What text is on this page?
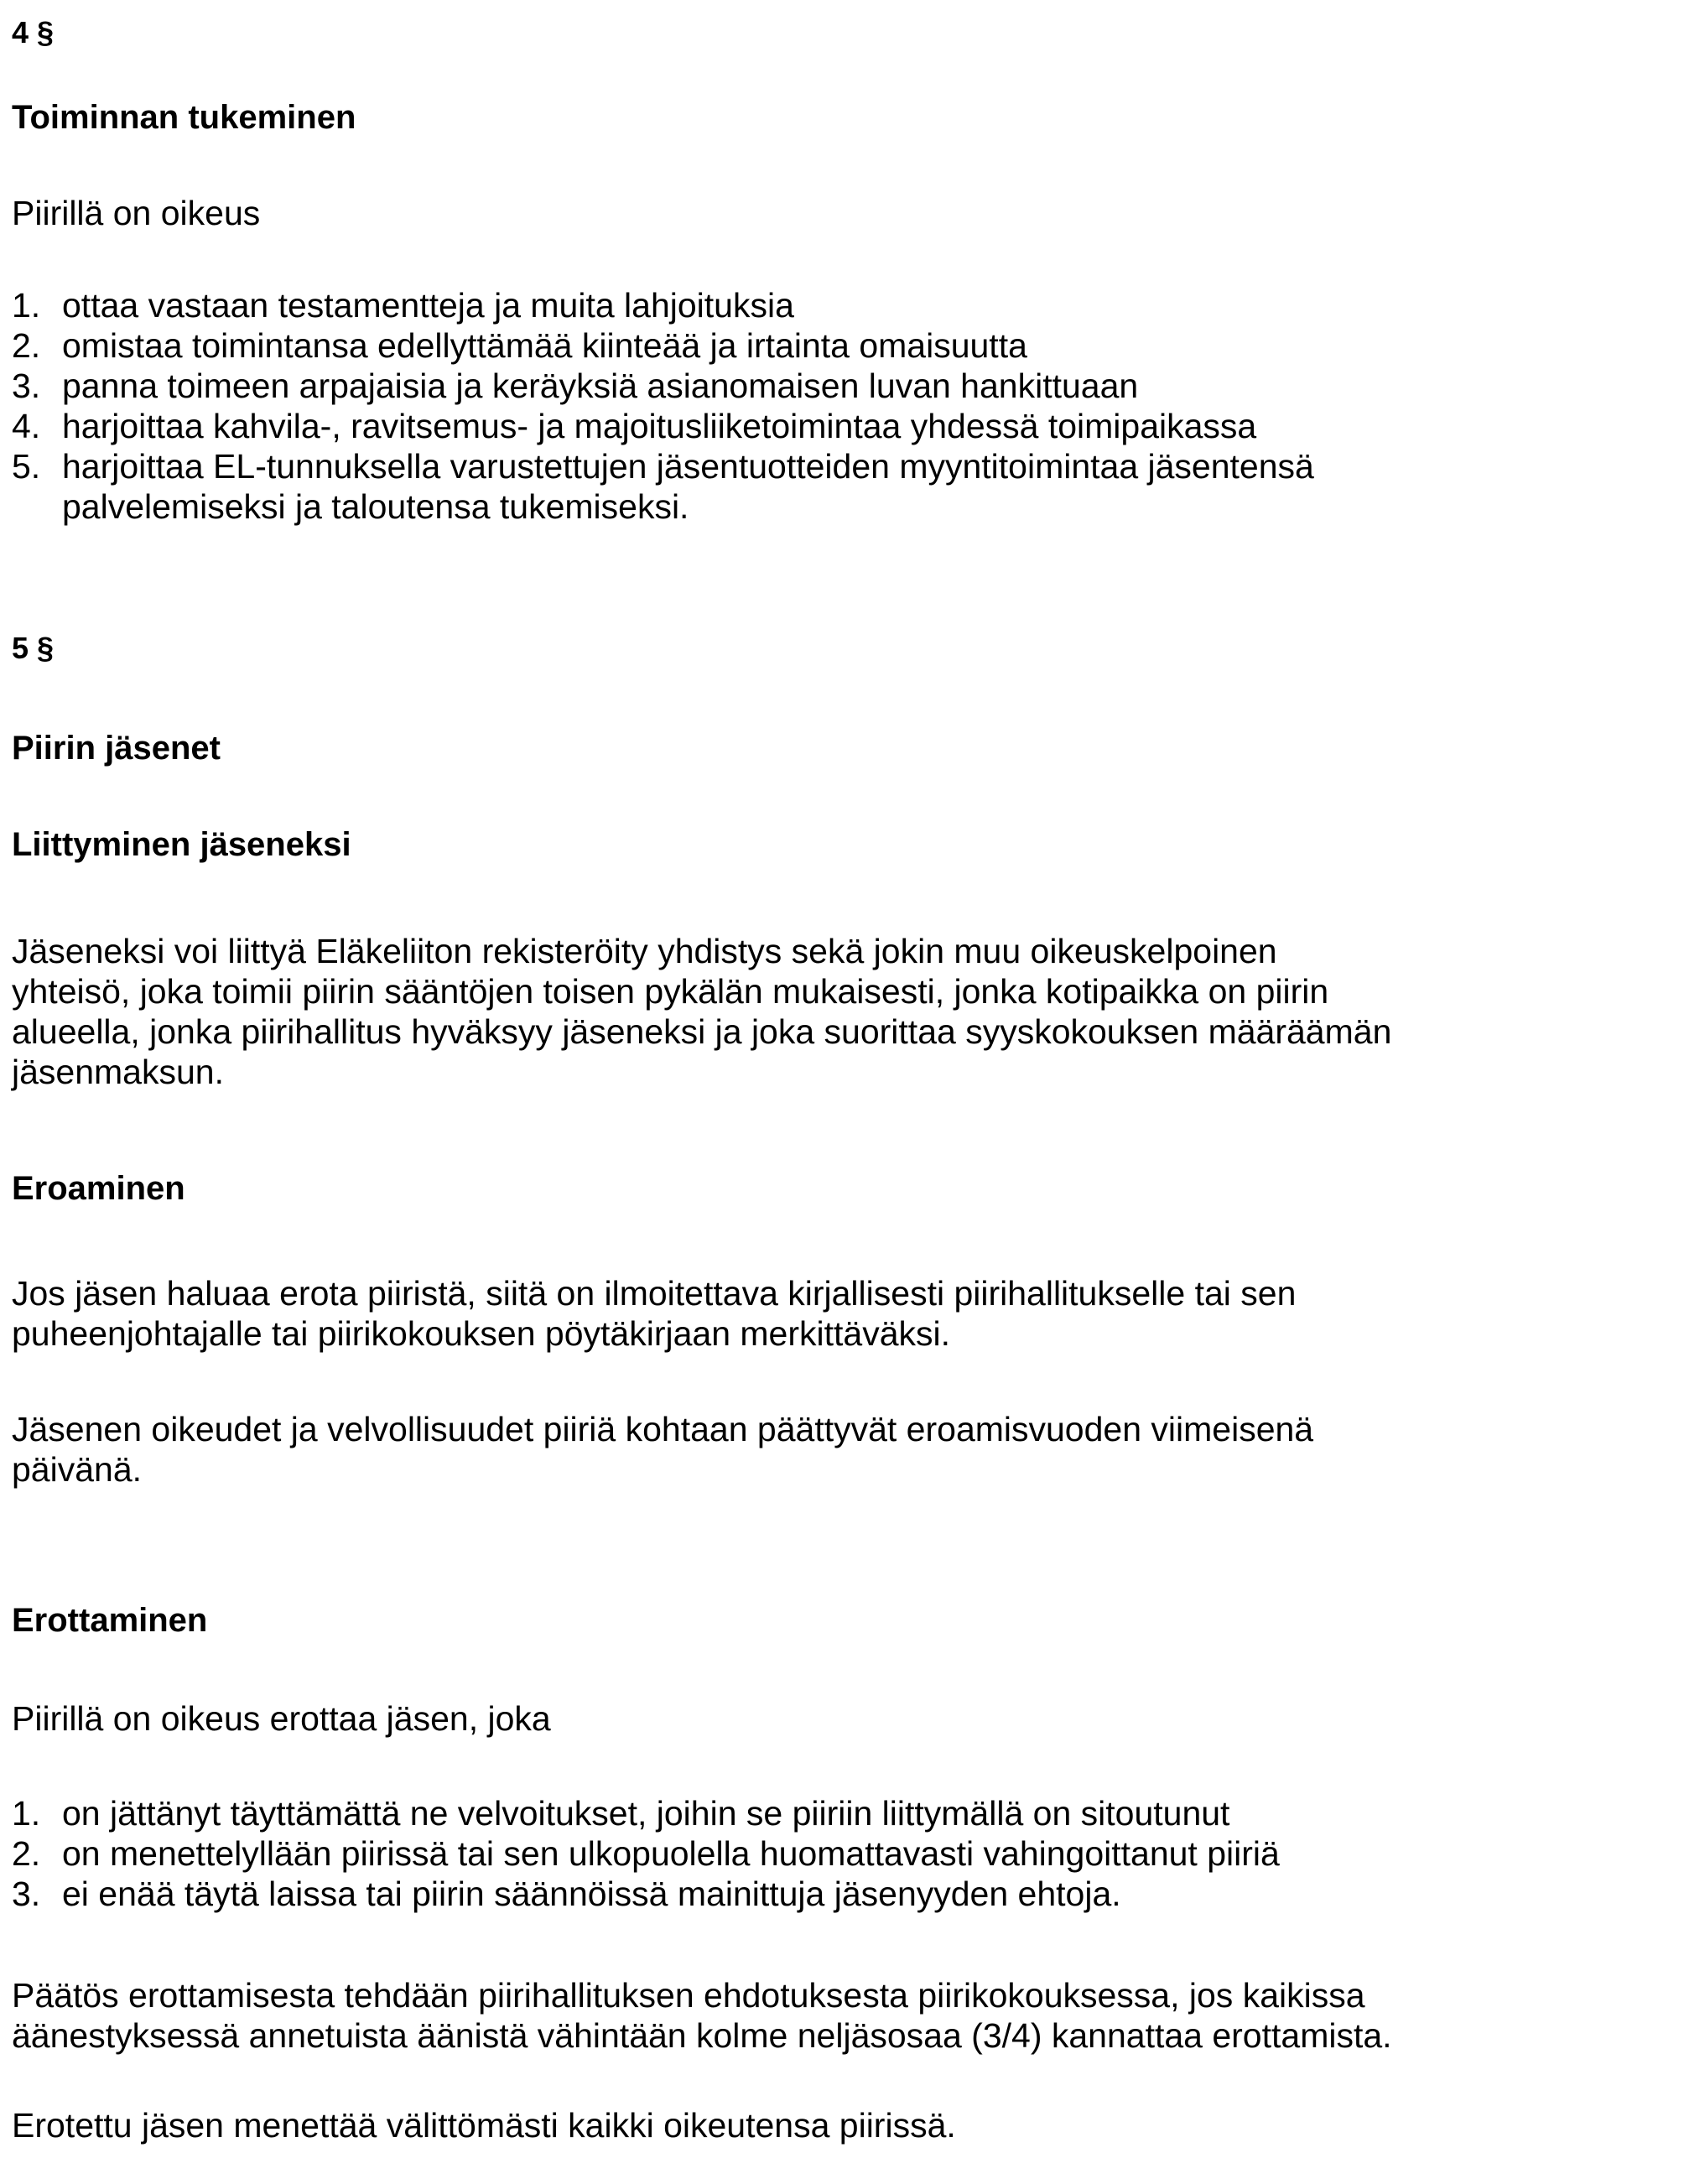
4 §

Toiminnan tukeminen

Piirillä on oikeus

1. ottaa vastaan testamentteja ja muita lahjoituksia
2. omistaa toimintansa edellyttämää kiinteää ja irtainta omaisuutta
3. panna toimeen arpajaisia ja keräyksiä asianomaisen luvan hankittuaan
4. harjoittaa kahvila-, ravitsemus- ja majoitusliiketoimintaa yhdessä toimipaikassa
5. harjoittaa EL-tunnuksella varustettujen jäsentuotteiden myyntitoimintaa jäsentensä
palvelemiseksi ja taloutensa tukemiseksi.

5 §

Piirin jäsenet

Liittyminen jäseneksi

Jäseneksi voi liittyä Eläkeliiton rekisteröity yhdistys sekä jokin muu oikeuskelpoinen
yhteisö, joka toimii piirin sääntöjen toisen pykälän mukaisesti, jonka kotipaikka on piirin
alueella, jonka piirihallitus hyväksyy jäseneksi ja joka suorittaa syyskokouksen määräämän
jäsenmaksun.

Eroaminen

Jos jäsen haluaa erota piiristä, siitä on ilmoitettava kirjallisesti piirihallitukselle tai sen
puheenjohtajalle tai piirikokouksen pöytäkirjaan merkittäväksi.
Jäsenen oikeudet ja velvollisuudet piiriä kohtaan päättyvät eroamisvuoden viimeisenä
päivänä.

Erottaminen

Piirillä on oikeus erottaa jäsen, joka

1. on jättänyt täyttämättä ne velvoitukset, joihin se piiriin liittymällä on sitoutunut
2. on menettelyllään piirissä tai sen ulkopuolella huomattavasti vahingoittanut piiriä
3. ei enää täytä laissa tai piirin säännöissä mainittuja jäsenyyden ehtoja.
Päätös erottamisesta tehdään piirihallituksen ehdotuksesta piirikokouksessa, jos kaikissa
äänestyksessä annetuista äänistä vähintään kolme neljäsosaa (3/4) kannattaa erottamista.
Erotettu jäsen menettää välittömästi kaikki oikeutensa piirissä.
